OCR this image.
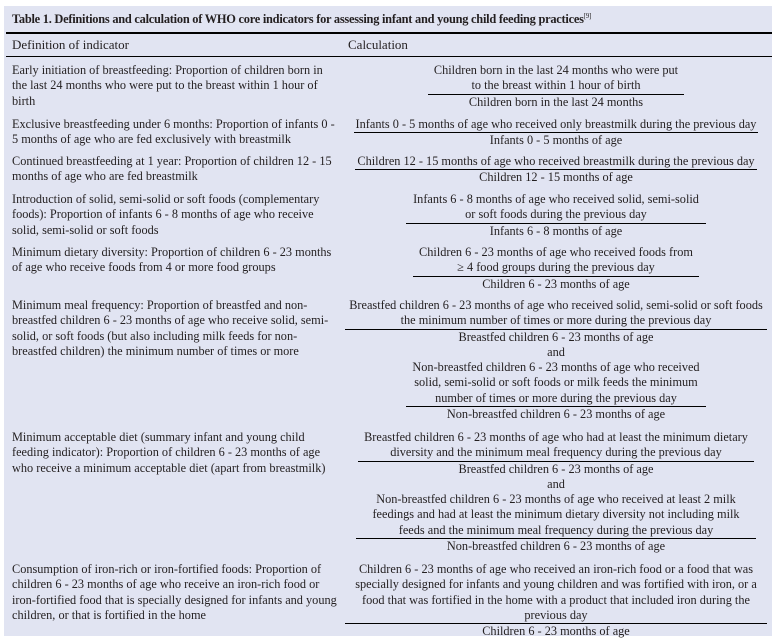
Table 1. Definitions and calculation of WHO core indicators for assessing infant and young child feeding practices[9]
Definition of indicator	Calculation
Early initiation of breastfeeding: Proportion of children born in the last 24 months who were put to the breast within 1 hour of birth
Children born in the last 24 months who were put to the breast within 1 hour of birth
Children born in the last 24 months
Exclusive breastfeeding under 6 months: Proportion of infants 0 - 5 months of age who are fed exclusively with breastmilk
Infants 0 - 5 months of age who received only breastmilk during the previous day
Infants 0 - 5 months of age
Continued breastfeeding at 1 year: Proportion of children 12 - 15 months of age who are fed breastmilk
Children 12 - 15 months of age who received breastmilk during the previous day
Children 12 - 15 months of age
Introduction of solid, semi-solid or soft foods (complementary foods): Proportion of infants 6 - 8 months of age who receive solid, semi-solid or soft foods
Infants 6 - 8 months of age who received solid, semi-solid or soft foods during the previous day
Infants 6 - 8 months of age
Minimum dietary diversity: Proportion of children 6 - 23 months of age who receive foods from 4 or more food groups
Children 6 - 23 months of age who received foods from ≥ 4 food groups during the previous day
Children 6 - 23 months of age
Minimum meal frequency: Proportion of breastfed and non-breastfed children 6 - 23 months of age who receive solid, semi-solid, or soft foods (but also including milk feeds for non-breastfed children) the minimum number of times or more
Breastfed children 6 - 23 months of age who received solid, semi-solid or soft foods the minimum number of times or more during the previous day
Breastfed children 6 - 23 months of age
and
Non-breastfed children 6 - 23 months of age who received solid, semi-solid or soft foods or milk feeds the minimum number of times or more during the previous day
Non-breastfed children 6 - 23 months of age
Minimum acceptable diet (summary infant and young child feeding indicator): Proportion of children 6 - 23 months of age who receive a minimum acceptable diet (apart from breastmilk)
Breastfed children 6 - 23 months of age who had at least the minimum dietary diversity and the minimum meal frequency during the previous day
Breastfed children 6 - 23 months of age
and
Non-breastfed children 6 - 23 months of age who received at least 2 milk feedings and had at least the minimum dietary diversity not including milk feeds and the minimum meal frequency during the previous day
Non-breastfed children 6 - 23 months of age
Consumption of iron-rich or iron-fortified foods: Proportion of children 6 - 23 months of age who receive an iron-rich food or iron-fortified food that is specially designed for infants and young children, or that is fortified in the home
Children 6 - 23 months of age who received an iron-rich food or a food that was specially designed for infants and young children and was fortified with iron, or a food that was fortified in the home with a product that included iron during the previous day
Children 6 - 23 months of age
